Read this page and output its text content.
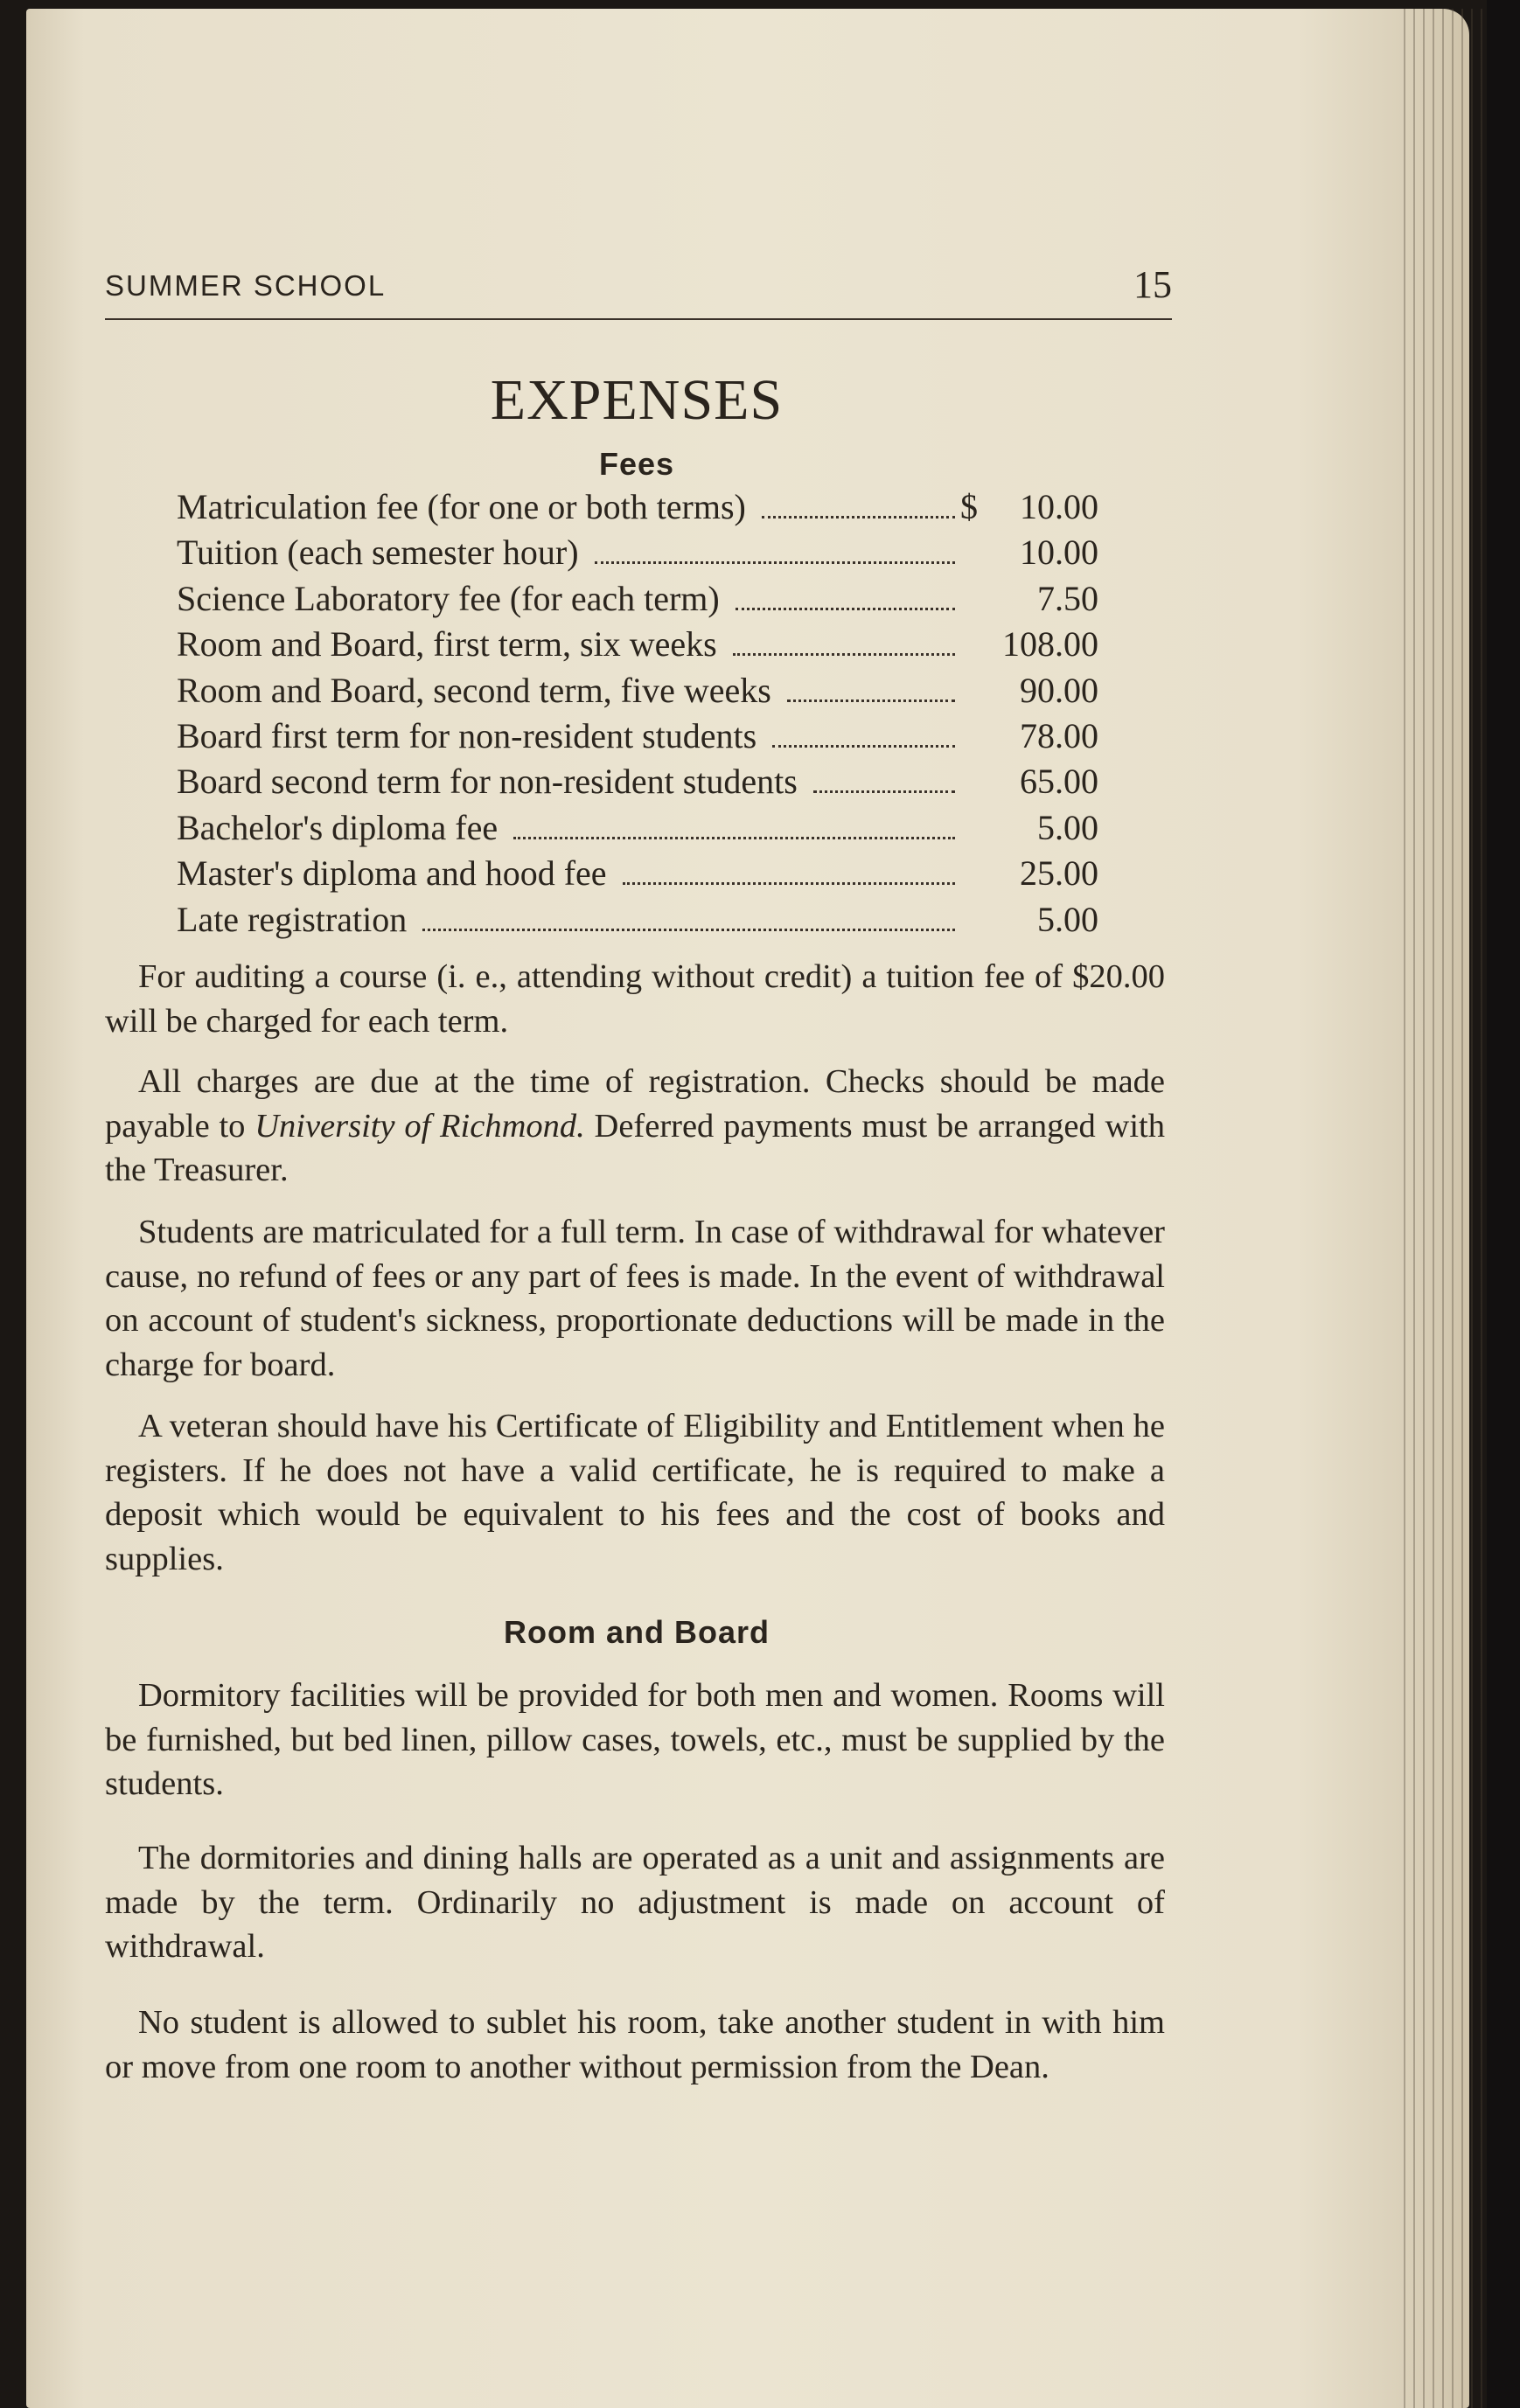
SUMMER SCHOOL	15
EXPENSES
Fees
Matriculation fee (for one or both terms)	$	10.00
Tuition (each semester hour)	10.00
Science Laboratory fee (for each term)	7.50
Room and Board, first term, six weeks	108.00
Room and Board, second term, five weeks	90.00
Board first term for non-resident students	78.00
Board second term for non-resident students	65.00
Bachelor's diploma fee	5.00
Master's diploma and hood fee	25.00
Late registration	5.00
For auditing a course (i. e., attending without credit) a tuition fee of $20.00 will be charged for each term.
All charges are due at the time of registration. Checks should be made payable to University of Richmond. Deferred payments must be arranged with the Treasurer.
Students are matriculated for a full term. In case of withdrawal for whatever cause, no refund of fees or any part of fees is made. In the event of withdrawal on account of student's sickness, proportionate deductions will be made in the charge for board.
A veteran should have his Certificate of Eligibility and Entitlement when he registers. If he does not have a valid certificate, he is required to make a deposit which would be equivalent to his fees and the cost of books and supplies.
Room and Board
Dormitory facilities will be provided for both men and women. Rooms will be furnished, but bed linen, pillow cases, towels, etc., must be supplied by the students.
The dormitories and dining halls are operated as a unit and assignments are made by the term. Ordinarily no adjustment is made on account of withdrawal.
No student is allowed to sublet his room, take another student in with him or move from one room to another without permission from the Dean.
